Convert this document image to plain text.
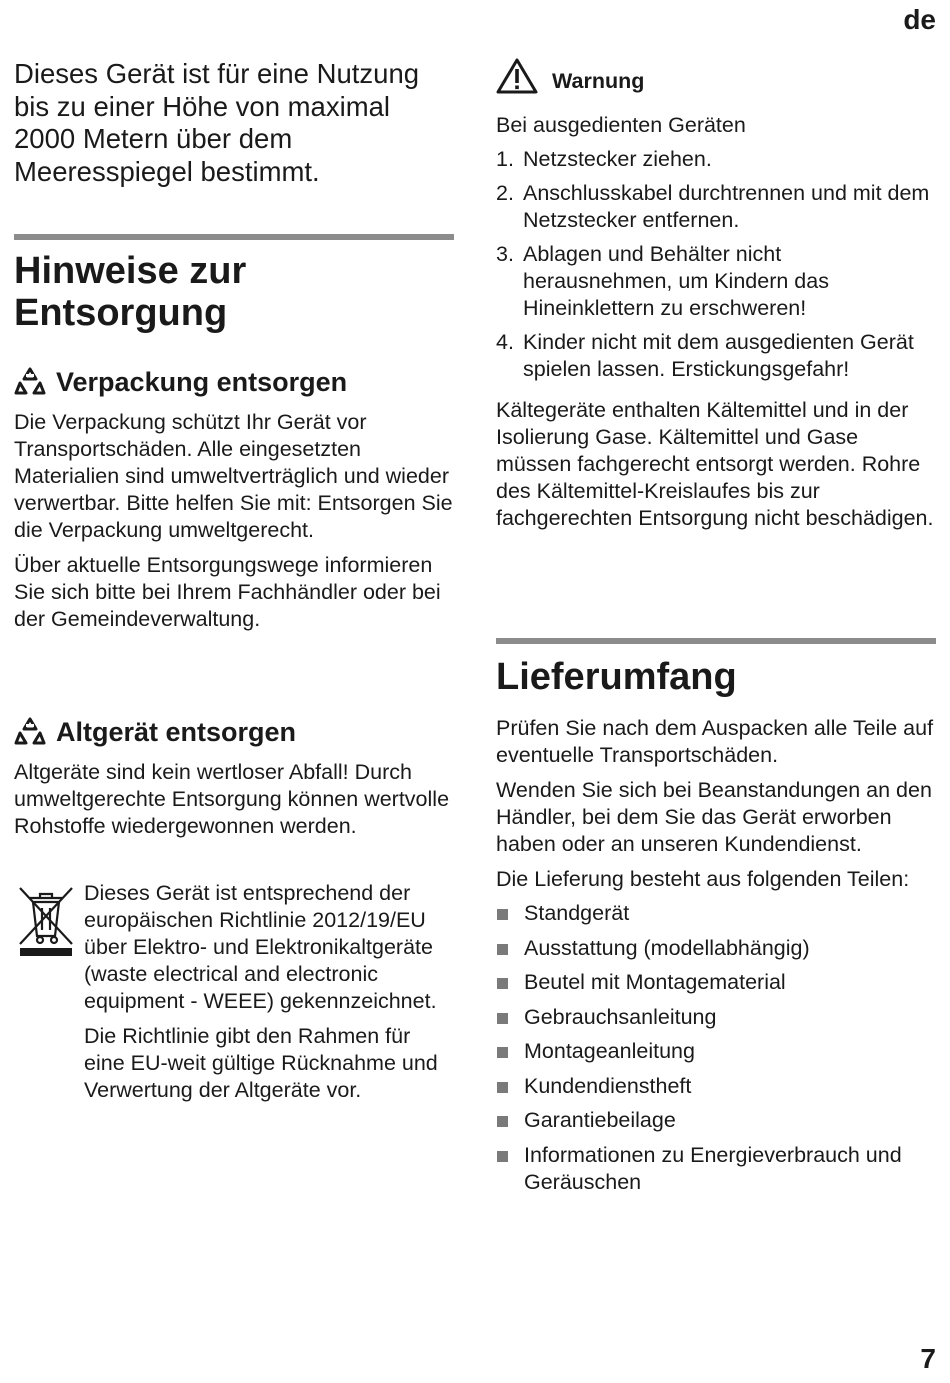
de

Dieses Gerät ist für eine Nutzung bis zu einer Höhe von maximal 2000 Metern über dem Meeresspiegel bestimmt.

Hinweise zur
Entsorgung
Verpackung entsorgen

Die Verpackung schützt Ihr Gerät vor Transportschäden. Alle eingesetzten Materialien sind umweltverträglich und wieder verwertbar. Bitte helfen Sie mit: Entsorgen Sie die Verpackung umweltgerecht.

Über aktuelle Entsorgungswege informieren Sie sich bitte bei Ihrem Fachhändler oder bei der Gemeindeverwaltung.

Altgerät entsorgen

Altgeräte sind kein wertloser Abfall! Durch umweltgerechte Entsorgung können wertvolle Rohstoffe wiedergewonnen werden.

Dieses Gerät ist entsprechend der europäischen Richtlinie 2012/19/EU über Elektro- und Elektronikaltgeräte (waste electrical and electronic equipment - WEEE) gekennzeichnet.

Die Richtlinie gibt den Rahmen für eine EU-weit gültige Rücknahme und Verwertung der Altgeräte vor.

Warnung

Bei ausgedienten Geräten

1. Netzstecker ziehen.
2. Anschlusskabel durchtrennen und mit dem Netzstecker entfernen.
3. Ablagen und Behälter nicht herausnehmen, um Kindern das Hineinklettern zu erschweren!
4. Kinder nicht mit dem ausgedienten Gerät spielen lassen. Erstickungsgefahr!

Kältegeräte enthalten Kältemittel und in der Isolierung Gase. Kältemittel und Gase müssen fachgerecht entsorgt werden. Rohre des Kältemittel-Kreislaufes bis zur fachgerechten Entsorgung nicht beschädigen.

Lieferumfang

Prüfen Sie nach dem Auspacken alle Teile auf eventuelle Transportschäden.

Wenden Sie sich bei Beanstandungen an den Händler, bei dem Sie das Gerät erworben haben oder an unseren Kundendienst.

Die Lieferung besteht aus folgenden Teilen:

Standgerät
Ausstattung (modellabhängig)
Beutel mit Montagematerial
Gebrauchsanleitung
Montageanleitung
Kundendienstheft
Garantiebeilage
Informationen zu Energieverbrauch und Geräuschen
7
